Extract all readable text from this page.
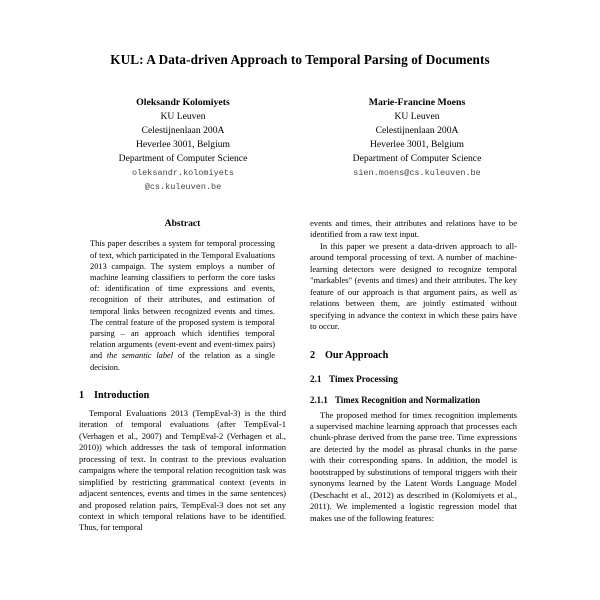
KUL: A Data-driven Approach to Temporal Parsing of Documents
Oleksandr Kolomiyets
KU Leuven
Celestijnenlaan 200A
Heverlee 3001, Belgium
Department of Computer Science
oleksandr.kolomiyets
@cs.kuleuven.be
Marie-Francine Moens
KU Leuven
Celestijnenlaan 200A
Heverlee 3001, Belgium
Department of Computer Science
sien.moens@cs.kuleuven.be
Abstract
This paper describes a system for temporal processing of text, which participated in the Temporal Evaluations 2013 campaign. The system employs a number of machine learning classifiers to perform the core tasks of: identification of time expressions and events, recognition of their attributes, and estimation of temporal links between recognized events and times. The central feature of the proposed system is temporal parsing – an approach which identifies temporal relation arguments (event-event and event-timex pairs) and the semantic label of the relation as a single decision.
1 Introduction

Temporal Evaluations 2013 (TempEval-3) is the third iteration of temporal evaluations (after TempEval-1 (Verhagen et al., 2007) and TempEval-2 (Verhagen et al., 2010)) which addresses the task of temporal information processing of text. In contrast to the previous evaluation campaigns where the temporal relation recognition task was simplified by restricting grammatical context (events in adjacent sentences, events and times in the same sentences) and proposed relation pairs, TempEval-3 does not set any context in which temporal relations have to be identified. Thus, for temporal

events and times, their attributes and relations have to be identified from a raw text input.

In this paper we present a data-driven approach to all-around temporal processing of text. A number of machine-learning detectors were designed to recognize temporal "markables" (events and times) and their attributes. The key feature of our approach is that argument pairs, as well as relations between them, are jointly estimated without specifying in advance the context in which these pairs have to occur.

2 Our Approach
2.1 Timex Processing
2.1.1 Timex Recognition and Normalization

The proposed method for timex recognition implements a supervised machine learning approach that processes each chunk-phrase derived from the parse tree. Time expressions are detected by the model as phrasal chunks in the parse with their corresponding spans. In addition, the model is bootstrapped by substitutions of temporal triggers with their synonyms learned by the Latent Words Language Model (Deschacht et al., 2012) as described in (Kolomiyets et al., 2011). We implemented a logistic regression model that makes use of the following features:
